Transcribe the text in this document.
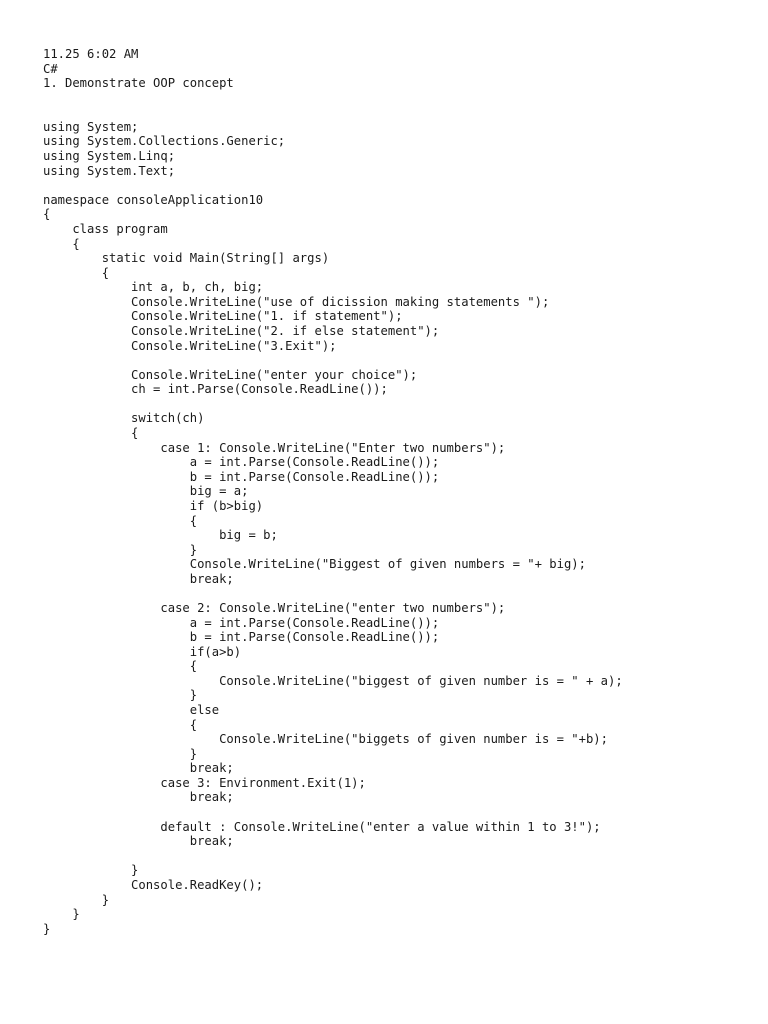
11.25 6:02 AM
C#
1. Demonstrate OOP concept
using System;
using System.Collections.Generic;
using System.Linq;
using System.Text;
namespace consoleApplication10
{
class program
{
static void Main(String[] args)
{
int a, b, ch, big;
Console.WriteLine("use of dicission making statements ");
Console.WriteLine("1. if statement");
Console.WriteLine("2. if else statement");
Console.WriteLine("3.Exit");
Console.WriteLine("enter your choice");
ch = int.Parse(Console.ReadLine());
switch(ch)
{
case 1: Console.WriteLine("Enter two numbers");
a = int.Parse(Console.ReadLine());
b = int.Parse(Console.ReadLine());
big = a;
if (b>big)
{
big = b;
}
Console.WriteLine("Biggest of given numbers = "+ big);
break;
case 2: Console.WriteLine("enter two numbers");
a = int.Parse(Console.ReadLine());
b = int.Parse(Console.ReadLine());
if(a>b)
{
Console.WriteLine("biggest of given number is = " + a);
}
else
{
Console.WriteLine("biggets of given number is = "+b);
}
break;
case 3: Environment.Exit(1);
break;
default : Console.WriteLine("enter a value within 1 to 3!");
break;
}
Console.ReadKey();
}
}
}
